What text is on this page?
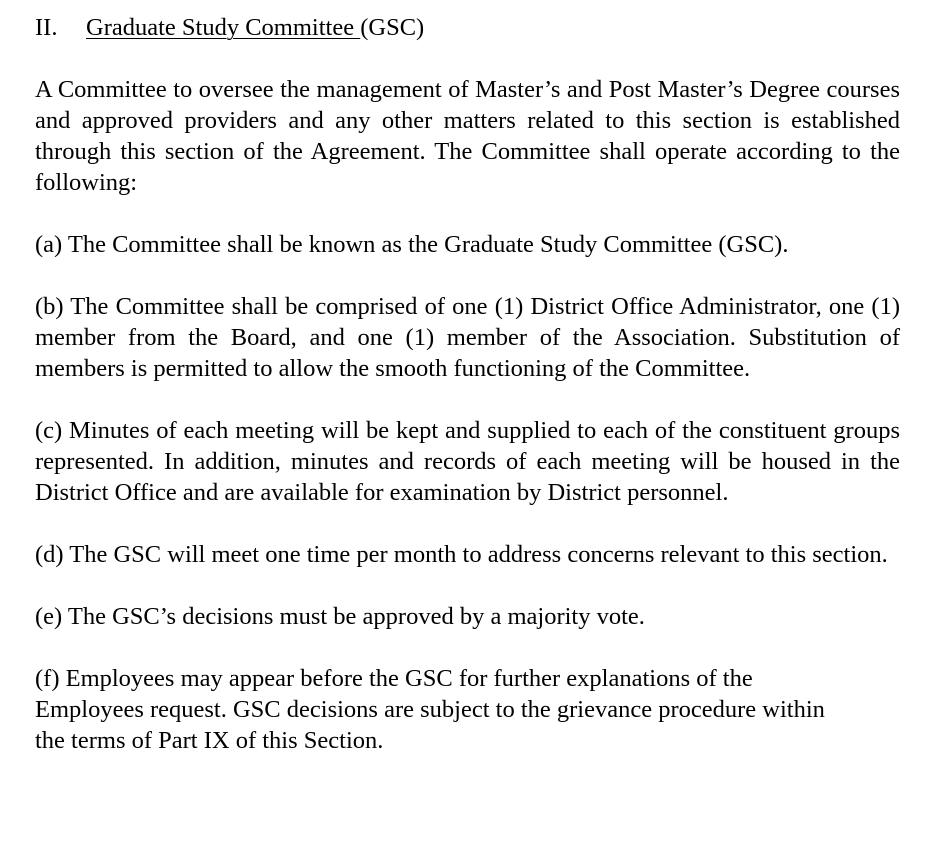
II. Graduate Study Committee (GSC)

A Committee to oversee the management of Master’s and Post Master’s Degree courses and approved providers and any other matters related to this section is established through this section of the Agreement. The Committee shall operate according to the following:

(a) The Committee shall be known as the Graduate Study Committee (GSC).

(b) The Committee shall be comprised of one (1) District Office Administrator, one (1) member from the Board, and one (1) member of the Association. Substitution of members is permitted to allow the smooth functioning of the Committee.

(c) Minutes of each meeting will be kept and supplied to each of the constituent groups represented. In addition, minutes and records of each meeting will be housed in the District Office and are available for examination by District personnel.

(d) The GSC will meet one time per month to address concerns relevant to this section.

(e) The GSC’s decisions must be approved by a majority vote.

(f) Employees may appear before the GSC for further explanations of the Employees request. GSC decisions are subject to the grievance procedure within the terms of Part IX of this Section.
